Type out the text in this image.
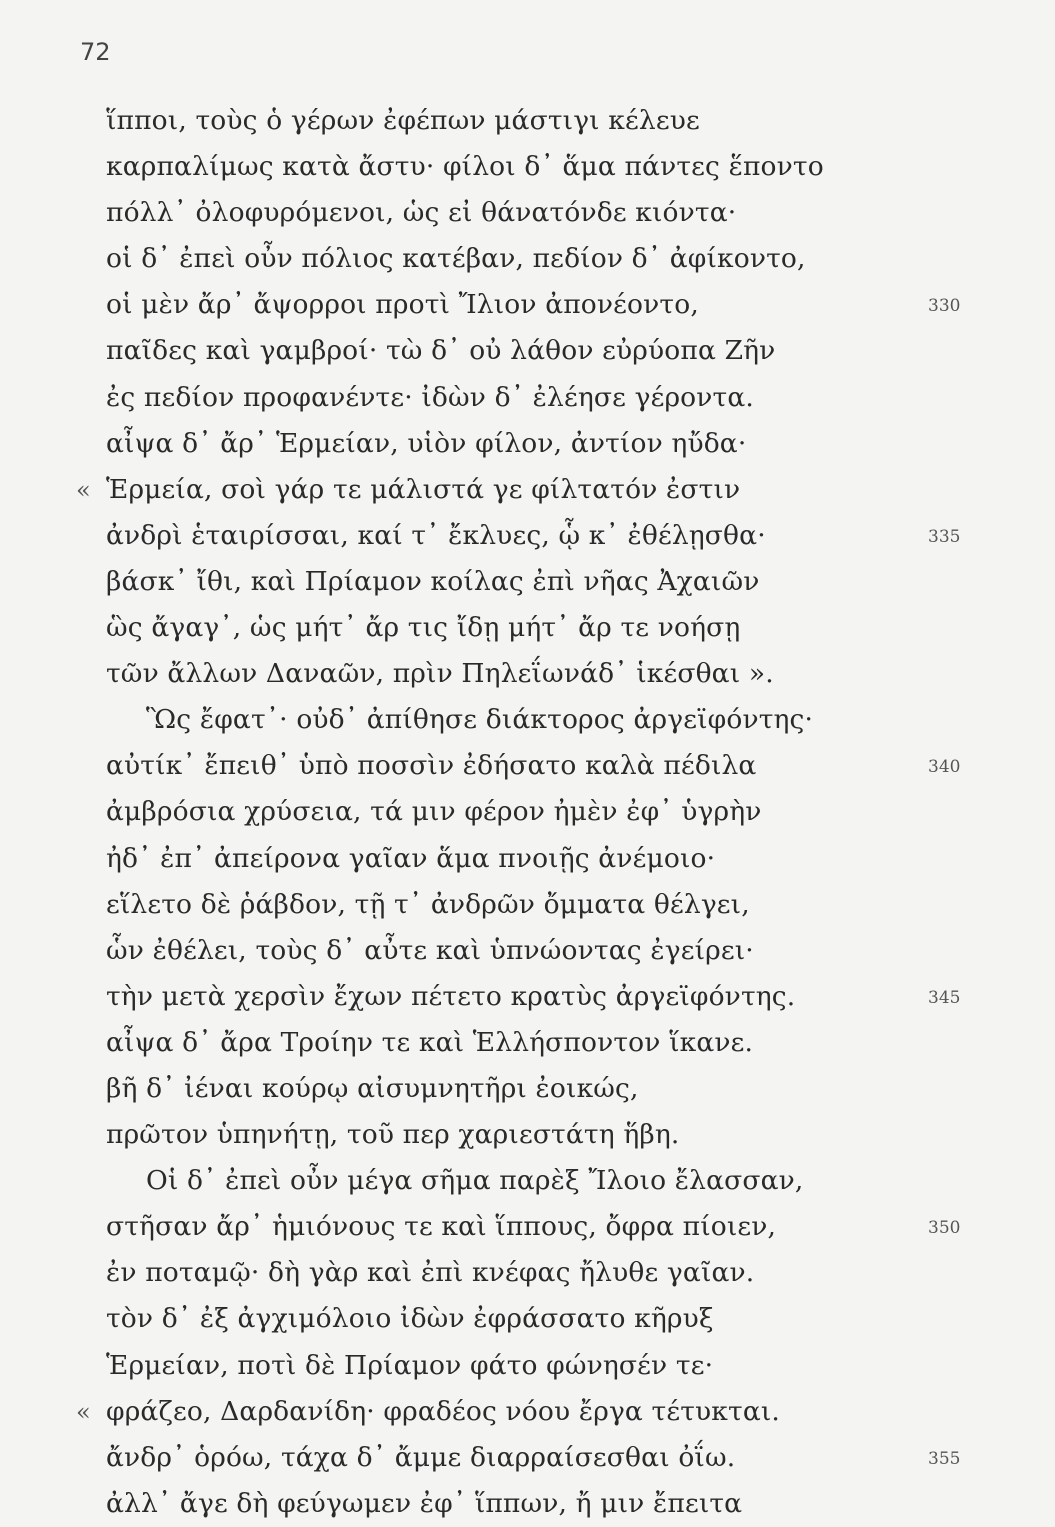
72
ἵπποι, τοὺς ὁ γέρων ἐφέπων μάστιγι κέλευε
καρπαλίμως κατὰ ἄστυ· φίλοι δ᾽ ἅμα πάντες ἕποντο
πόλλ᾽ ὀλοφυρόμενοι, ὡς εἰ θάνατόνδε κιόντα·
οἱ δ᾽ ἐπεὶ οὖν πόλιος κατέβαν, πεδίον δ᾽ ἀφίκοντο,
οἱ μὲν ἄρ᾽ ἄψορροι προτὶ Ἴλιον ἀπονέοντο,	330
παῖδες καὶ γαμβροί· τὼ δ᾽ οὐ λάθον εὐρύοπα Ζῆν
ἐς πεδίον προφανέντε· ἰδὼν δ᾽ ἐλέησε γέροντα.
αἶψα δ᾽ ἄρ᾽ Ἑρμείαν, υἱὸν φίλον, ἀντίον ηὔδα·
« Ἑρμεία, σοὶ γάρ τε μάλιστά γε φίλτατόν ἐστιν
ἀνδρὶ ἑταιρίσσαι, καί τ᾽ ἔκλυες, ᾧ κ᾽ ἐθέλῃσθα·	335
βάσκ᾽ ἴθι, καὶ Πρίαμον κοίλας ἐπὶ νῆας Ἀχαιῶν
ὣς ἄγαγ᾽, ὡς μήτ᾽ ἄρ τις ἴδῃ μήτ᾽ ἄρ τε νοήσῃ
τῶν ἄλλων Δαναῶν, πρὶν Πηλεΐωνάδ᾽ ἱκέσθαι ».
Ὣς ἔφατ᾽· οὐδ᾽ ἀπίθησε διάκτορος ἀργεϊφόντης·
αὐτίκ᾽ ἔπειθ᾽ ὑπὸ ποσσὶν ἐδήσατο καλὰ πέδιλα	340
ἀμβρόσια χρύσεια, τά μιν φέρον ἠμὲν ἐφ᾽ ὑγρὴν
ἠδ᾽ ἐπ᾽ ἀπείρονα γαῖαν ἅμα πνοιῇς ἀνέμοιο·
εἵλετο δὲ ῥάβδον, τῇ τ᾽ ἀνδρῶν ὄμματα θέλγει,
ὧν ἐθέλει, τοὺς δ᾽ αὖτε καὶ ὑπνώοντας ἐγείρει·
τὴν μετὰ χερσὶν ἔχων πέτετο κρατὺς ἀργεϊφόντης.	345
αἶψα δ᾽ ἄρα Τροίην τε καὶ Ἑλλήσποντον ἵκανε.
βῆ δ᾽ ἰέναι κούρῳ αἰσυμνητῆρι ἐοικώς,
πρῶτον ὑπηνήτῃ, τοῦ περ χαριεστάτη ἥβη.
Οἱ δ᾽ ἐπεὶ οὖν μέγα σῆμα παρὲξ Ἴλοιο ἔλασσαν,
στῆσαν ἄρ᾽ ἡμιόνους τε καὶ ἵππους, ὄφρα πίοιεν,	350
ἐν ποταμῷ· δὴ γὰρ καὶ ἐπὶ κνέφας ἤλυθε γαῖαν.
τὸν δ᾽ ἐξ ἀγχιμόλοιο ἰδὼν ἐφράσσατο κῆρυξ
Ἑρμείαν, ποτὶ δὲ Πρίαμον φάτο φώνησέν τε·
« φράζεο, Δαρδανίδη· φραδέος νόου ἔργα τέτυκται.
ἄνδρ᾽ ὁρόω, τάχα δ᾽ ἄμμε διαρραίσεσθαι ὀΐω.	355
ἀλλ᾽ ἄγε δὴ φεύγωμεν ἐφ᾽ ἵππων, ἤ μιν ἔπειτα
